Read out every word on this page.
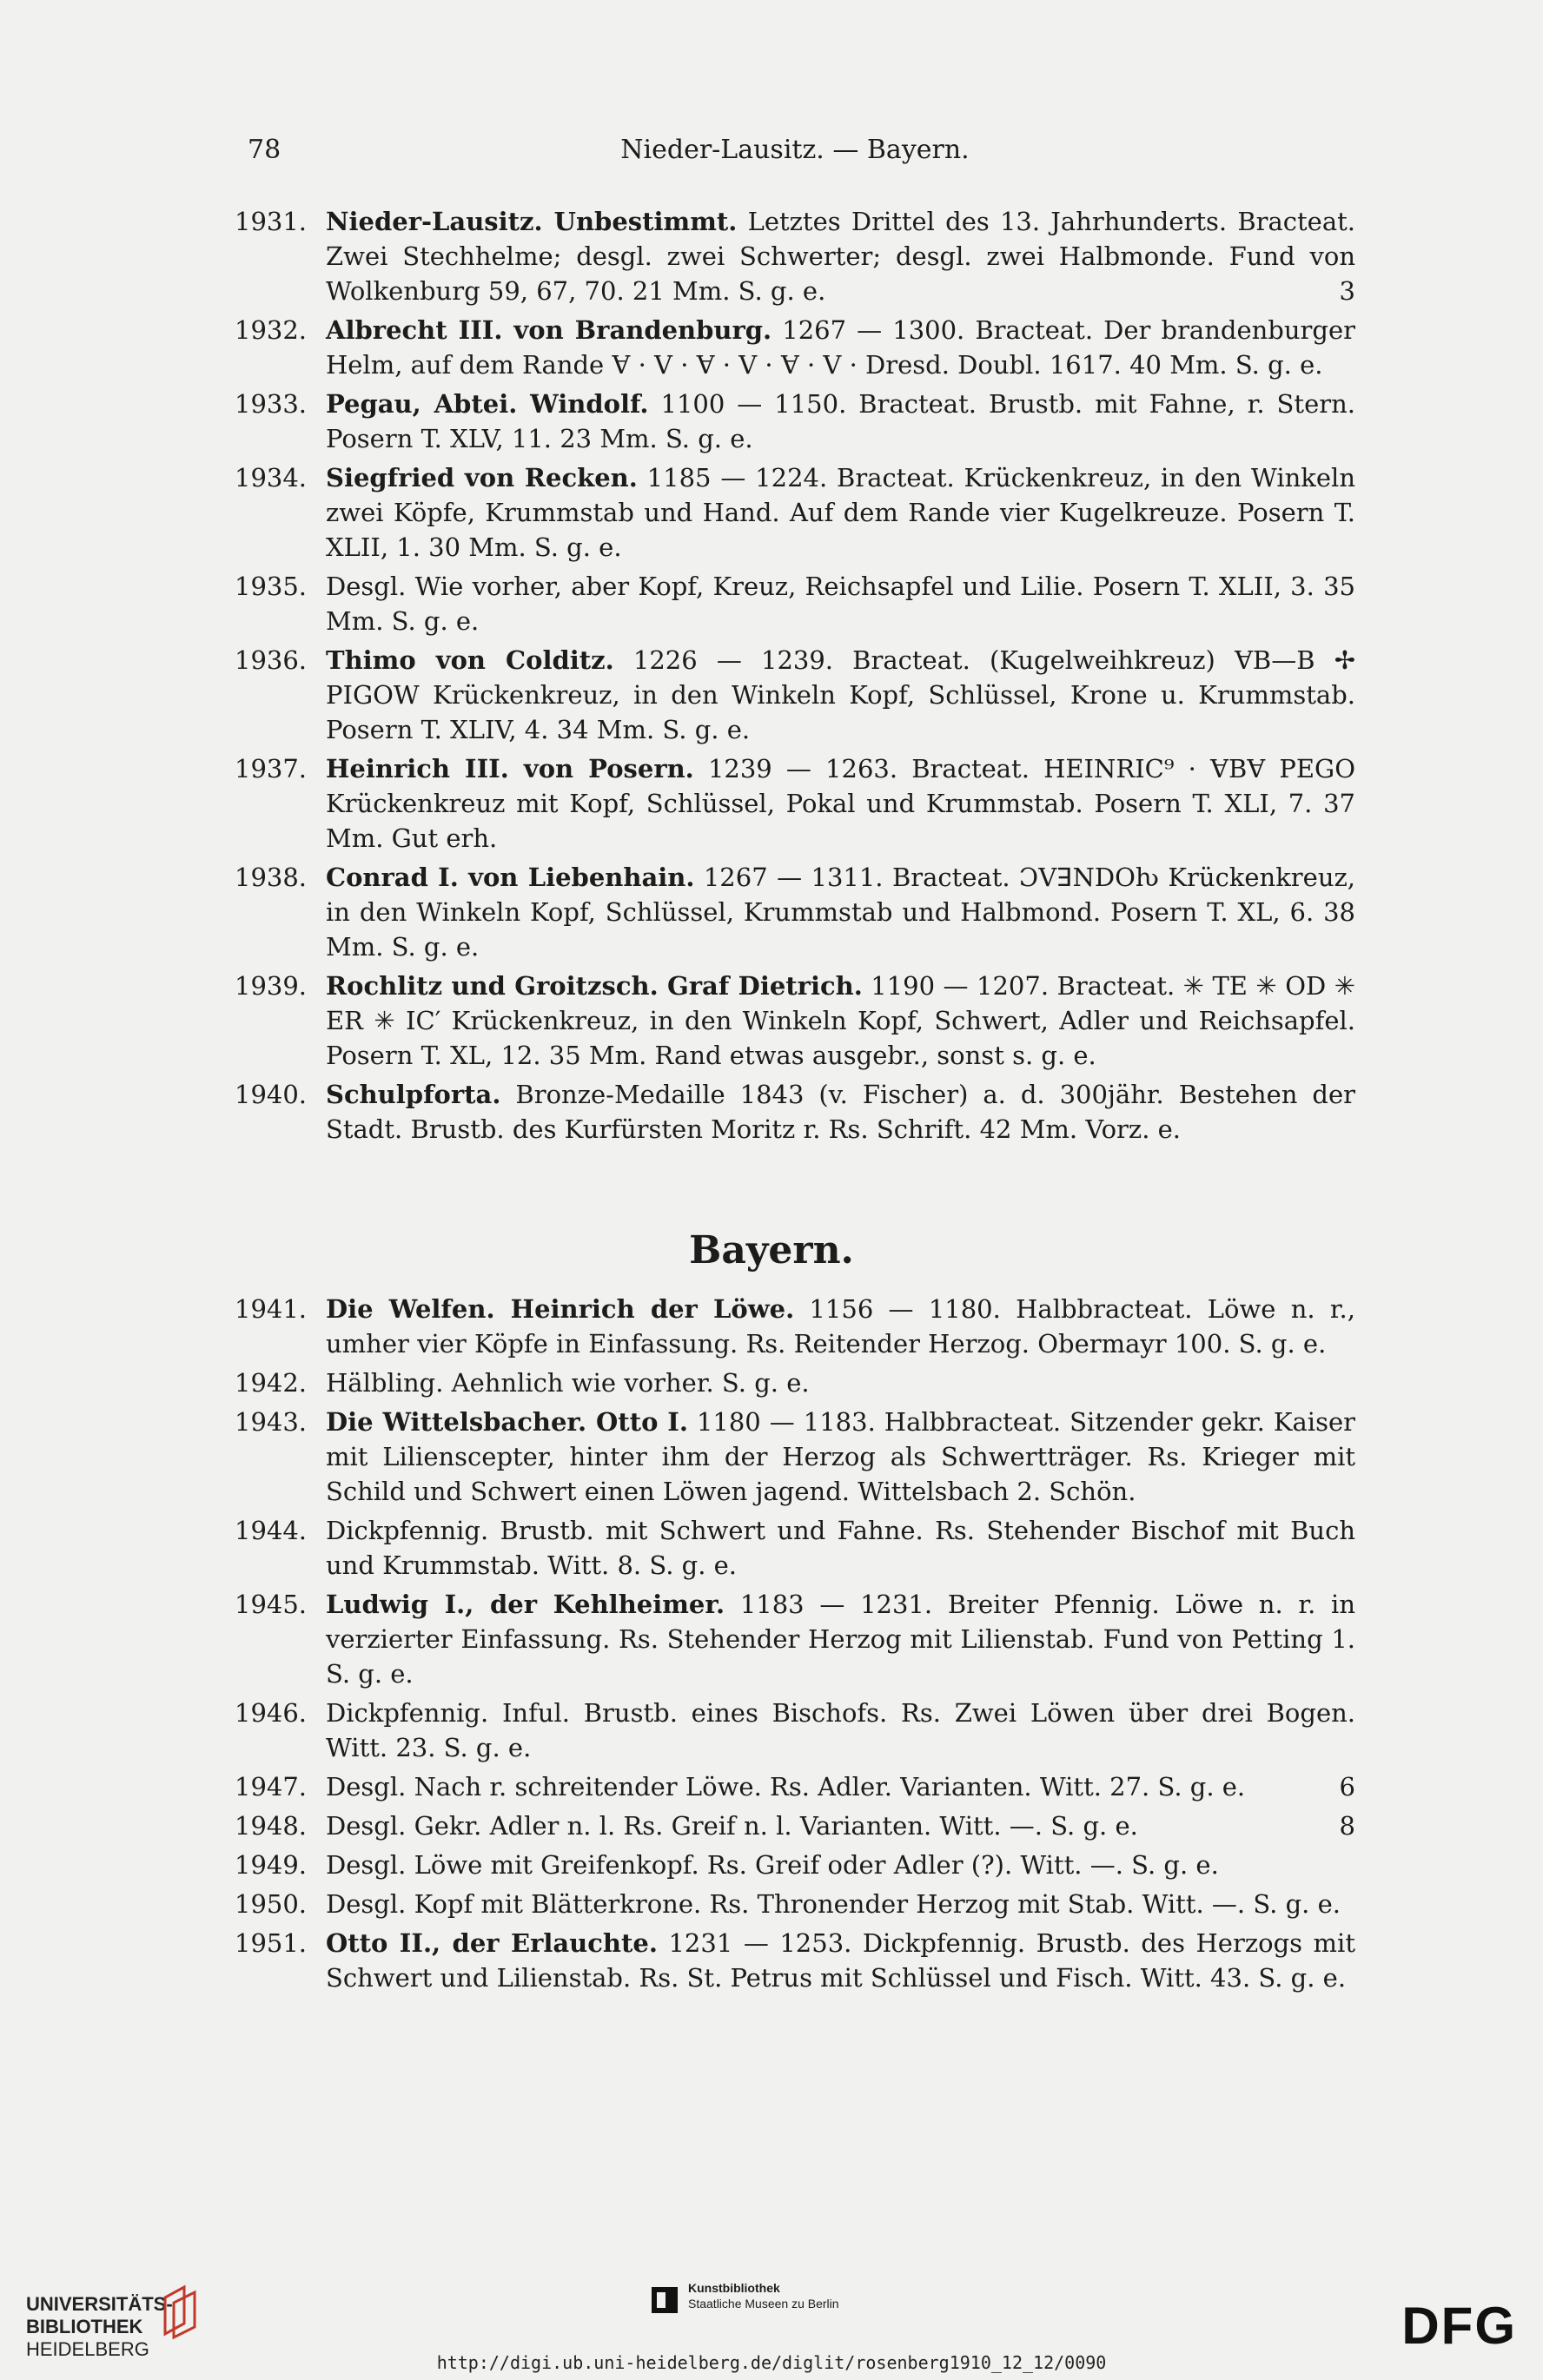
78	Nieder-Lausitz. — Bayern.
1931. Nieder-Lausitz. Unbestimmt. Letztes Drittel des 13. Jahrhunderts. Bracteat. Zwei Stechhelme; desgl. zwei Schwerter; desgl. zwei Halbmonde. Fund von Wolkenburg 59, 67, 70. 21 Mm. S. g. e.	3
1932. Albrecht III. von Brandenburg. 1267 — 1300. Bracteat. Der brandenburger Helm, auf dem Rande Ɐ · V · Ɐ · V · Ɐ · V · Dresd. Doubl. 1617. 40 Mm. S. g. e.
1933. Pegau, Abtei. Windolf. 1100 — 1150. Bracteat. Brustb. mit Fahne, r. Stern. Posern T. XLV, 11. 23 Mm. S. g. e.
1934. Siegfried von Recken. 1185 — 1224. Bracteat. Krückenkreuz, in den Winkeln zwei Köpfe, Krummstab und Hand. Auf dem Rande vier Kugelkreuze. Posern T. XLII, 1. 30 Mm. S. g. e.
1935. Desgl. Wie vorher, aber Kopf, Kreuz, Reichsapfel und Lilie. Posern T. XLII, 3. 35 Mm. S. g. e.
1936. Thimo von Colditz. 1226 — 1239. Bracteat. (Kugelweihkreuz) ⱯB—B ✢ PIGOW Krückenkreuz, in den Winkeln Kopf, Schlüssel, Krone u. Krummstab. Posern T. XLIV, 4. 34 Mm. S. g. e.
1937. Heinrich III. von Posern. 1239 — 1263. Bracteat. HEINRIC⁹ · ⱯBⱯ PEGO Krückenkreuz mit Kopf, Schlüssel, Pokal und Krummstab. Posern T. XLI, 7. 37 Mm. Gut erh.
1938. Conrad I. von Liebenhain. 1267 — 1311. Bracteat. ƆVꓱNDOƕ Krückenkreuz, in den Winkeln Kopf, Schlüssel, Krummstab und Halbmond. Posern T. XL, 6. 38 Mm. S. g. e.
1939. Rochlitz und Groitzsch. Graf Dietrich. 1190 — 1207. Bracteat. ✳ TE ✳ OD ✳ ER ✳ IC′ Krückenkreuz, in den Winkeln Kopf, Schwert, Adler und Reichsapfel. Posern T. XL, 12. 35 Mm. Rand etwas ausgebr., sonst s. g. e.
1940. Schulpforta. Bronze-Medaille 1843 (v. Fischer) a. d. 300jähr. Bestehen der Stadt. Brustb. des Kurfürsten Moritz r. Rs. Schrift. 42 Mm. Vorz. e.
Bayern.
1941. Die Welfen. Heinrich der Löwe. 1156 — 1180. Halbbracteat. Löwe n. r., umher vier Köpfe in Einfassung. Rs. Reitender Herzog. Obermayr 100. S. g. e.
1942. Hälbling. Aehnlich wie vorher. S. g. e.
1943. Die Wittelsbacher. Otto I. 1180 — 1183. Halbbracteat. Sitzender gekr. Kaiser mit Lilienscepter, hinter ihm der Herzog als Schwertträger. Rs. Krieger mit Schild und Schwert einen Löwen jagend. Wittelsbach 2. Schön.
1944. Dickpfennig. Brustb. mit Schwert und Fahne. Rs. Stehender Bischof mit Buch und Krummstab. Witt. 8. S. g. e.
1945. Ludwig I., der Kehlheimer. 1183 — 1231. Breiter Pfennig. Löwe n. r. in verzierter Einfassung. Rs. Stehender Herzog mit Lilienstab. Fund von Petting 1. S. g. e.
1946. Dickpfennig. Inful. Brustb. eines Bischofs. Rs. Zwei Löwen über drei Bogen. Witt. 23. S. g. e.
1947. Desgl. Nach r. schreitender Löwe. Rs. Adler. Varianten. Witt. 27. S. g. e.	6
1948. Desgl. Gekr. Adler n. l. Rs. Greif n. l. Varianten. Witt. —. S. g. e.	8
1949. Desgl. Löwe mit Greifenkopf. Rs. Greif oder Adler (?). Witt. —. S. g. e.
1950. Desgl. Kopf mit Blätterkrone. Rs. Thronender Herzog mit Stab. Witt. —. S. g. e.
1951. Otto II., der Erlauchte. 1231 — 1253. Dickpfennig. Brustb. des Herzogs mit Schwert und Lilienstab. Rs. St. Petrus mit Schlüssel und Fisch. Witt. 43. S. g. e.
UNIVERSITÄTS-
BIBLIOTHEK
HEIDELBERG
Kunstbibliothek
Staatliche Museen zu Berlin	DFG
http://digi.ub.uni-heidelberg.de/diglit/rosenberg1910_12_12/0090
